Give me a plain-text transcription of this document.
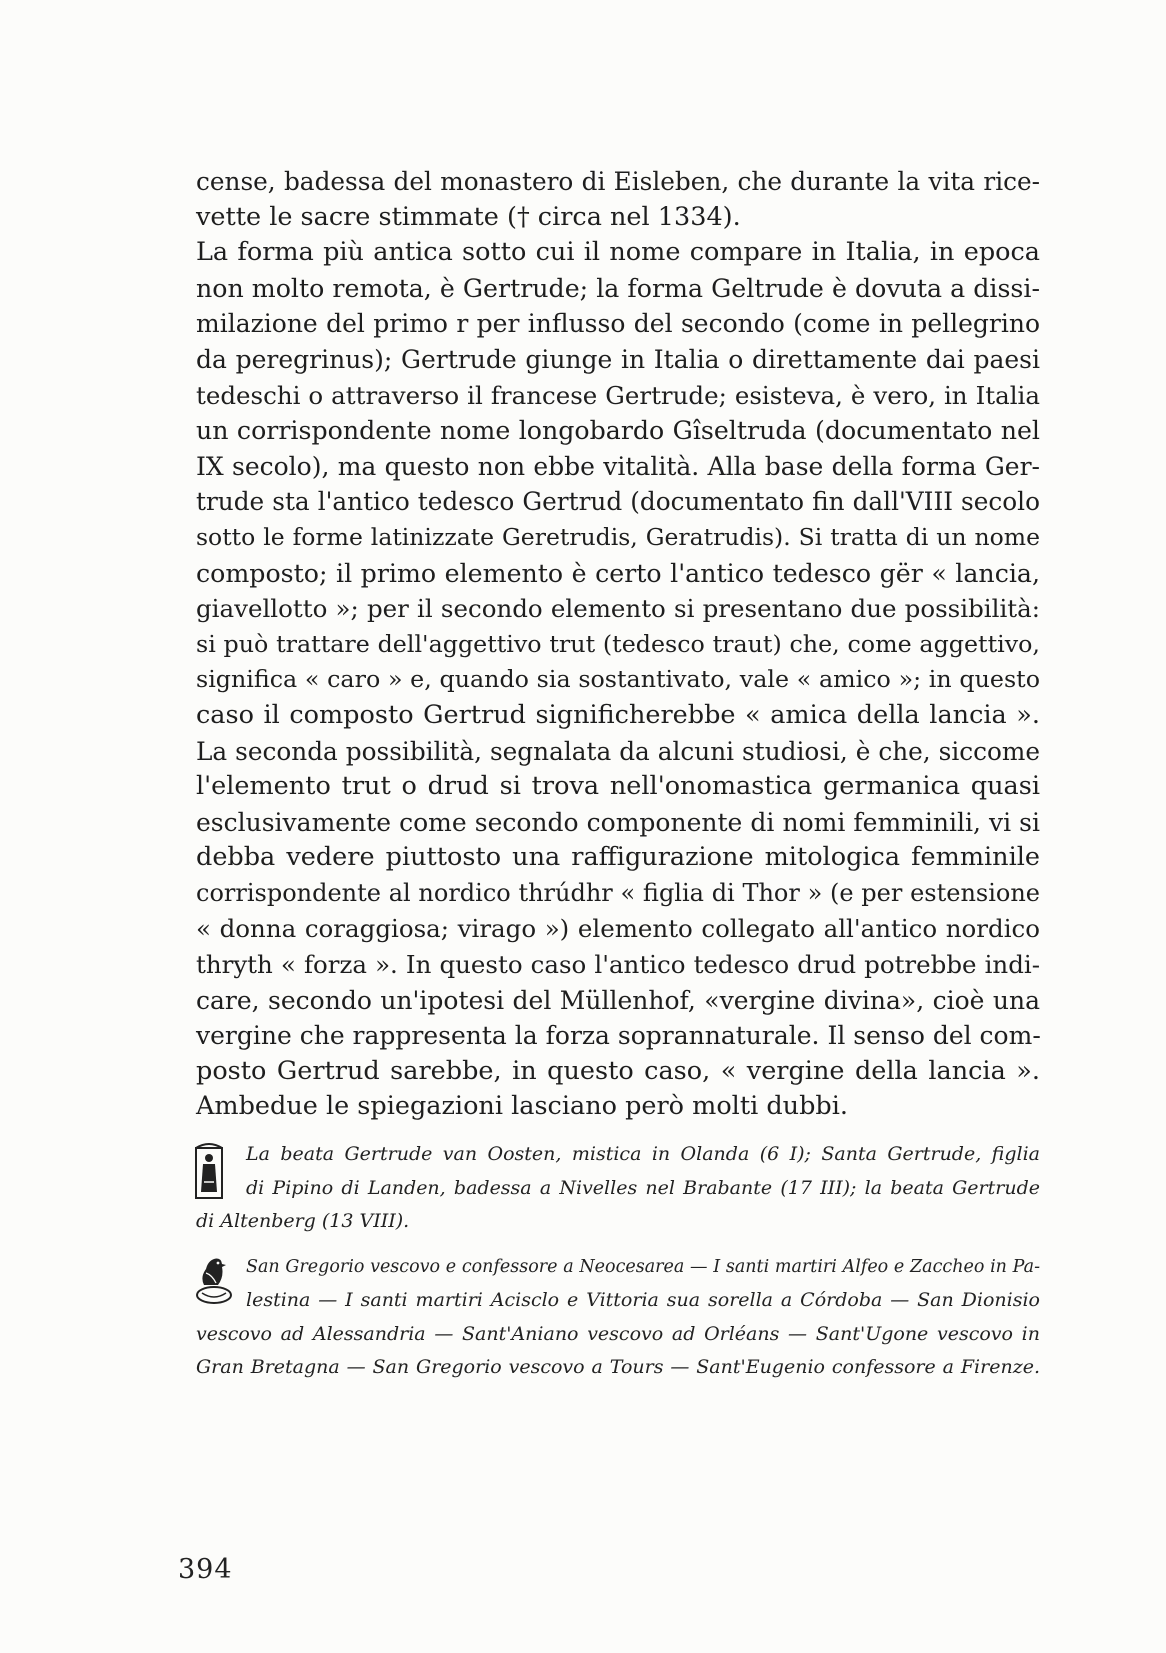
cense, badessa del monastero di Eisleben, che durante la vita rice-
vette le sacre stimmate († circa nel 1334).
La forma più antica sotto cui il nome compare in Italia, in epoca
non molto remota, è Gertrude; la forma Geltrude è dovuta a dissi-
milazione del primo r per influsso del secondo (come in pellegrino
da peregrinus); Gertrude giunge in Italia o direttamente dai paesi
tedeschi o attraverso il francese Gertrude; esisteva, è vero, in Italia
un corrispondente nome longobardo Gîseltruda (documentato nel
IX secolo), ma questo non ebbe vitalità. Alla base della forma Ger-
trude sta l'antico tedesco Gertrud (documentato fin dall'VIII secolo
sotto le forme latinizzate Geretrudis, Geratrudis). Si tratta di un nome
composto; il primo elemento è certo l'antico tedesco gër « lancia,
giavellotto »; per il secondo elemento si presentano due possibilità:
si può trattare dell'aggettivo trut (tedesco traut) che, come aggettivo,
significa « caro » e, quando sia sostantivato, vale « amico »; in questo
caso il composto Gertrud significherebbe « amica della lancia ».
La seconda possibilità, segnalata da alcuni studiosi, è che, siccome
l'elemento trut o drud si trova nell'onomastica germanica quasi
esclusivamente come secondo componente di nomi femminili, vi si
debba vedere piuttosto una raffigurazione mitologica femminile
corrispondente al nordico thrúdhr « figlia di Thor » (e per estensione
« donna coraggiosa; virago ») elemento collegato all'antico nordico
thryth « forza ». In questo caso l'antico tedesco drud potrebbe indi-
care, secondo un'ipotesi del Müllenhof, «vergine divina», cioè una
vergine che rappresenta la forza soprannaturale. Il senso del com-
posto Gertrud sarebbe, in questo caso, « vergine della lancia ».
Ambedue le spiegazioni lasciano però molti dubbi.
La beata Gertrude van Oosten, mistica in Olanda (6 I); Santa Gertrude, figlia
di Pipino di Landen, badessa a Nivelles nel Brabante (17 III); la beata Gertrude
di Altenberg (13 VIII).
San Gregorio vescovo e confessore a Neocesarea — I santi martiri Alfeo e Zaccheo in Pa-
lestina — I santi martiri Acisclo e Vittoria sua sorella a Córdoba — San Dionisio
vescovo ad Alessandria — Sant'Aniano vescovo ad Orléans — Sant'Ugone vescovo in
Gran Bretagna — San Gregorio vescovo a Tours — Sant'Eugenio confessore a Firenze.
394
